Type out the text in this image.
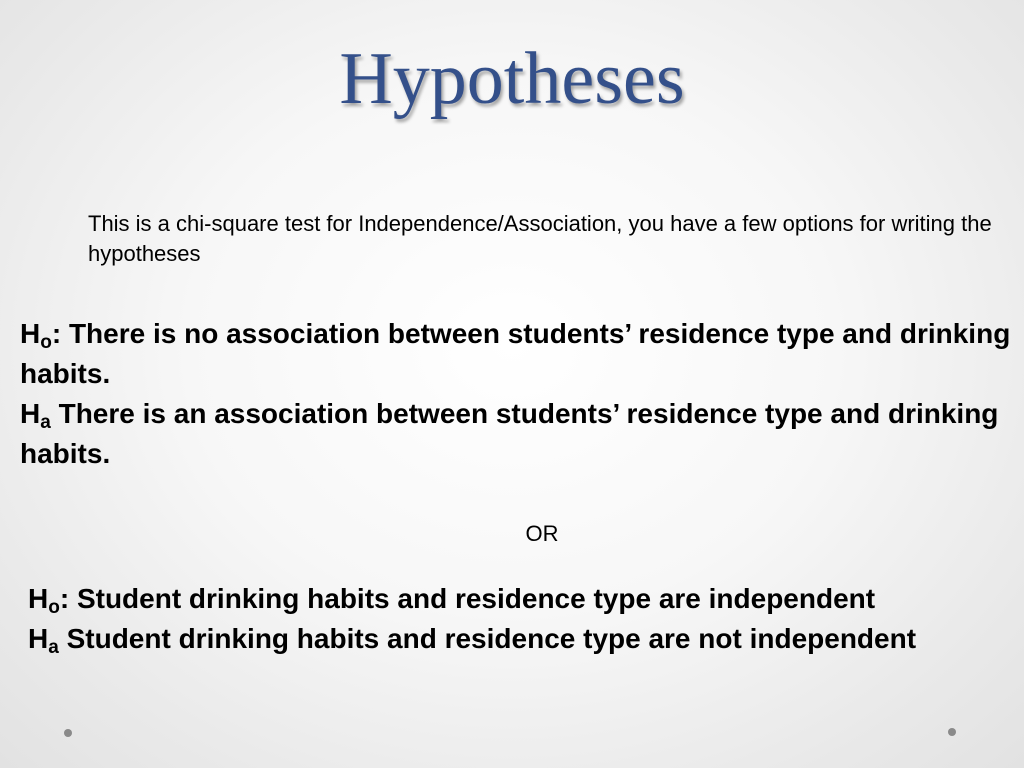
Hypotheses
This is a chi-square test for Independence/Association, you have a few options for writing the hypotheses

$H_o$: There is no association between students’ residence type and drinking habits.

$H_a$ There is an association between students’ residence type and drinking habits.

OR

$H_o$: Student drinking habits and residence type are independent

$H_a$ Student drinking habits and residence type are not independent
